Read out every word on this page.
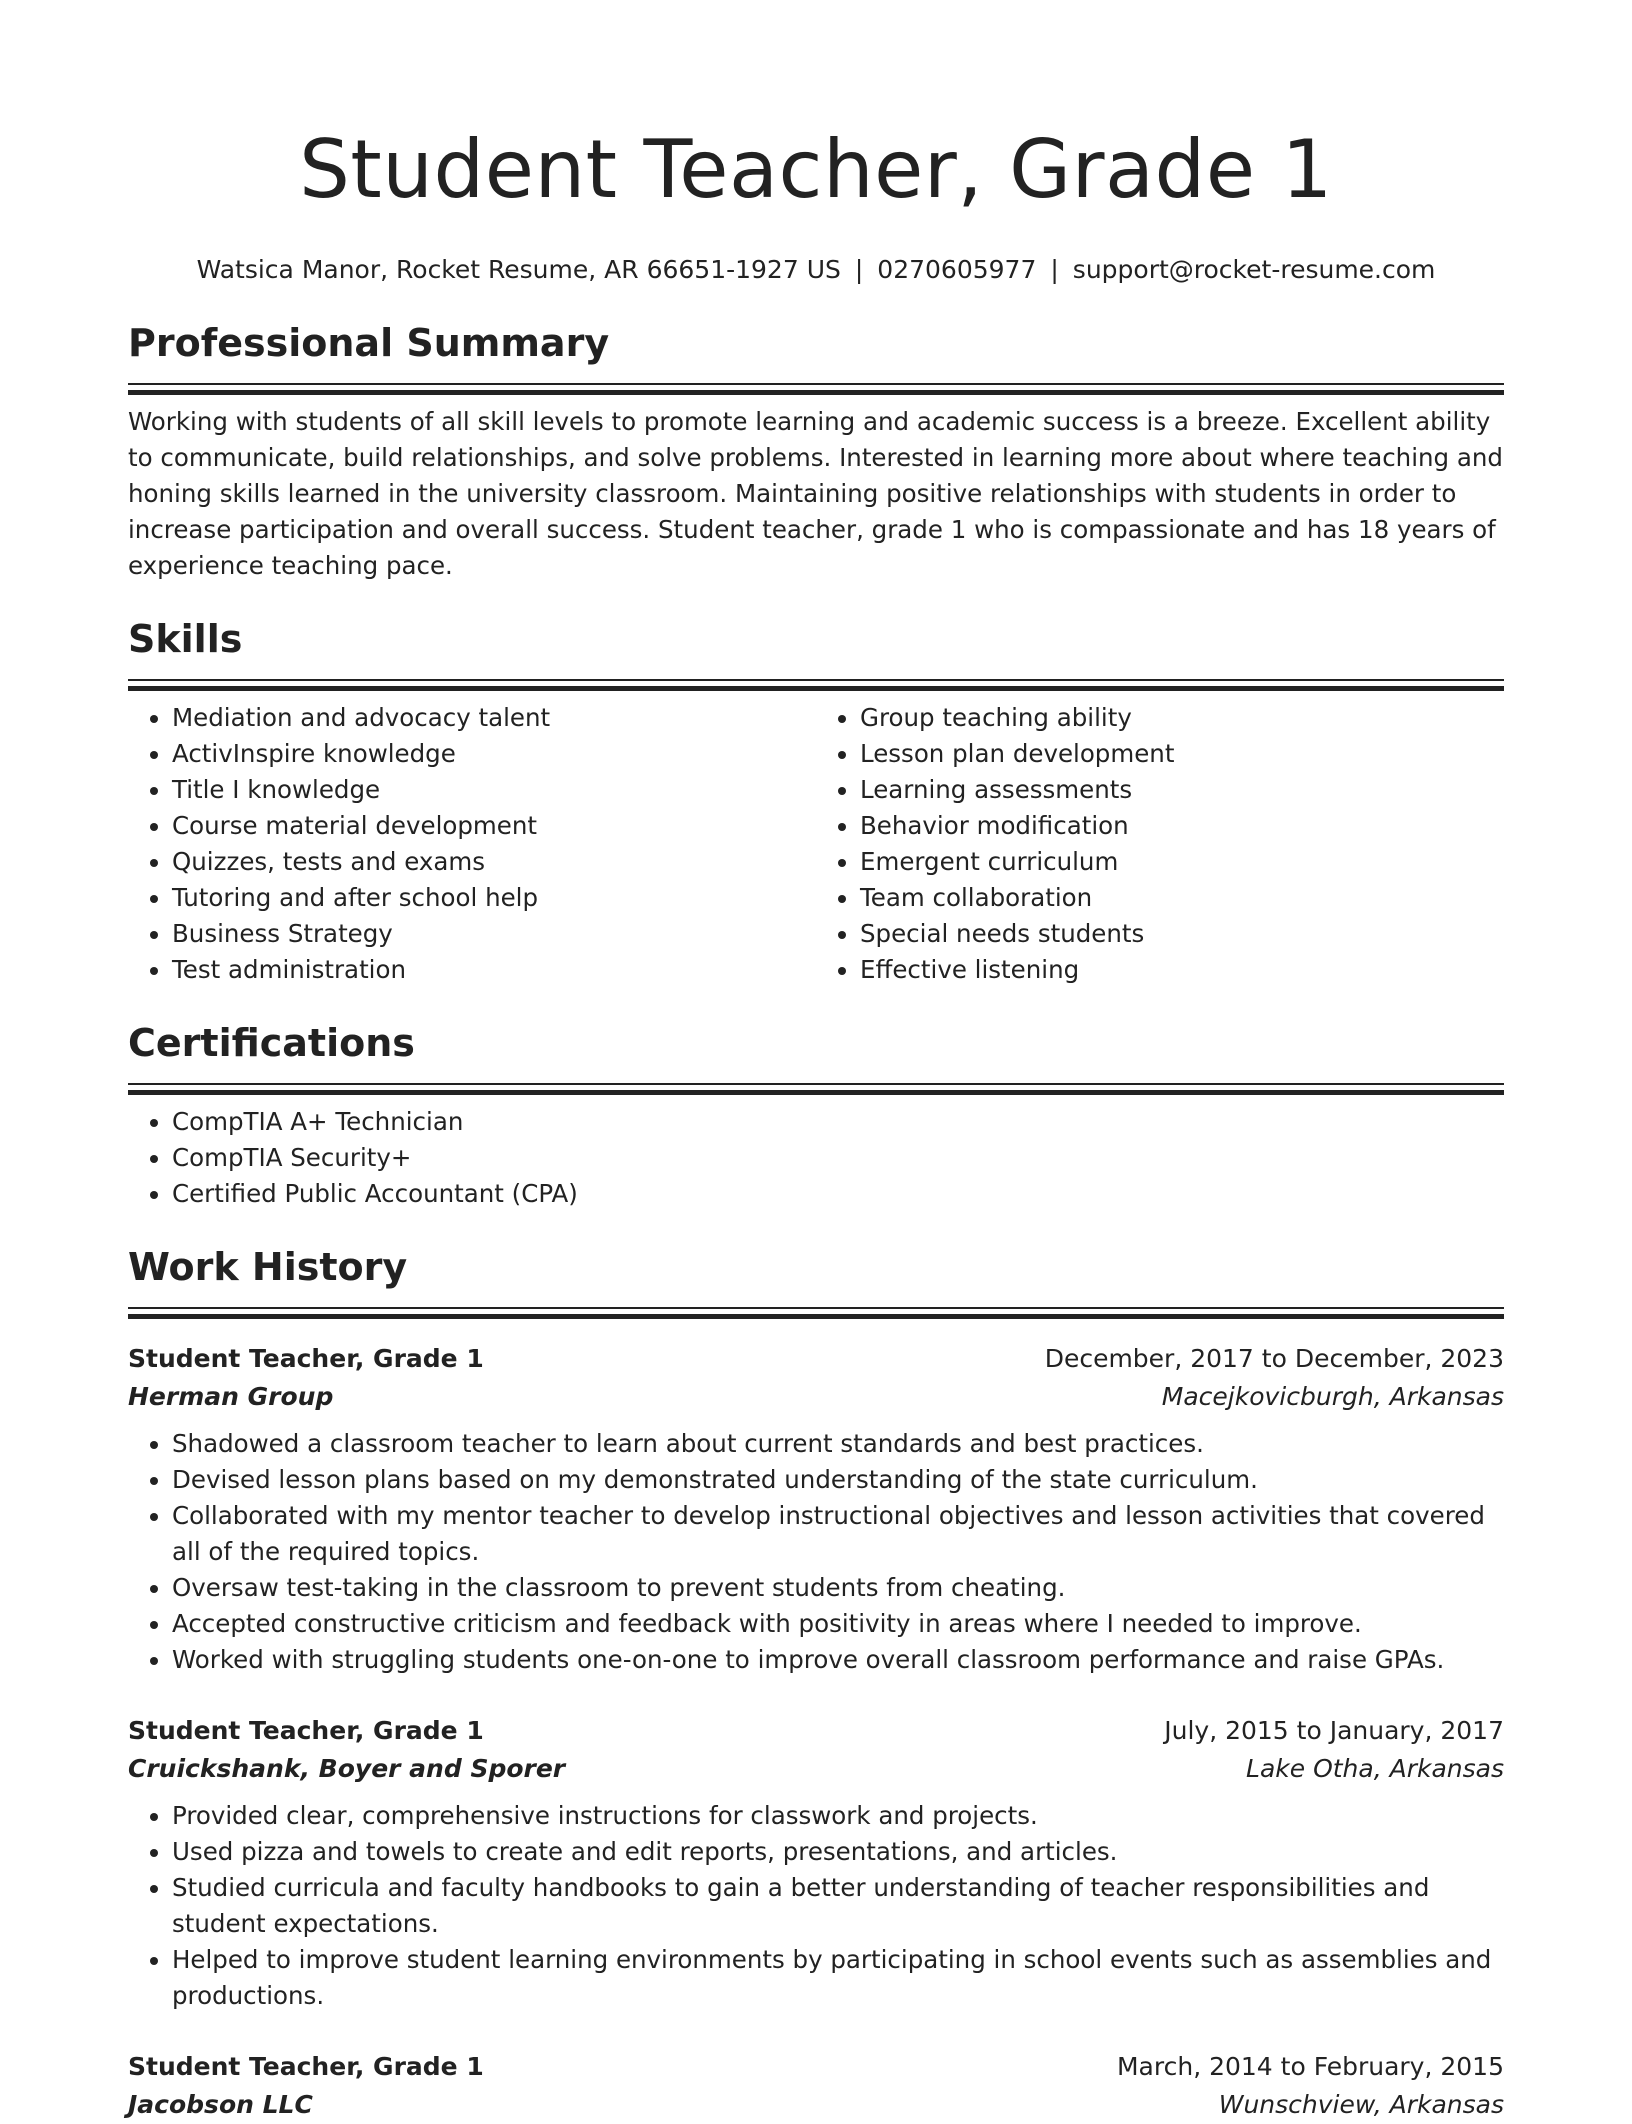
Student Teacher, Grade 1
Watsica Manor, Rocket Resume, AR 66651-1927 US | 0270605977 | support@rocket-resume.com
Professional Summary

Working with students of all skill levels to promote learning and academic success is a breeze. Excellent ability to communicate, build relationships, and solve problems. Interested in learning more about where teaching and honing skills learned in the university classroom. Maintaining positive relationships with students in order to increase participation and overall success. Student teacher, grade 1 who is compassionate and has 18 years of experience teaching pace.

Skills
• Mediation and advocacy talent
• ActivInspire knowledge
• Title I knowledge
• Course material development
• Quizzes, tests and exams
• Tutoring and after school help
• Business Strategy
• Test administration
• Group teaching ability
• Lesson plan development
• Learning assessments
• Behavior modification
• Emergent curriculum
• Team collaboration
• Special needs students
• Effective listening
Certifications
• CompTIA A+ Technician
• CompTIA Security+
• Certified Public Accountant (CPA)
Work History
Student Teacher, Grade 1	December, 2017 to December, 2023
Herman Group	Macejkovicburgh, Arkansas
• Shadowed a classroom teacher to learn about current standards and best practices.
• Devised lesson plans based on my demonstrated understanding of the state curriculum.
• Collaborated with my mentor teacher to develop instructional objectives and lesson activities that covered all of the required topics.
• Oversaw test-taking in the classroom to prevent students from cheating.
• Accepted constructive criticism and feedback with positivity in areas where I needed to improve.
• Worked with struggling students one-on-one to improve overall classroom performance and raise GPAs.
Student Teacher, Grade 1	July, 2015 to January, 2017
Cruickshank, Boyer and Sporer	Lake Otha, Arkansas
• Provided clear, comprehensive instructions for classwork and projects.
• Used pizza and towels to create and edit reports, presentations, and articles.
• Studied curricula and faculty handbooks to gain a better understanding of teacher responsibilities and student expectations.
• Helped to improve student learning environments by participating in school events such as assemblies and productions.
Student Teacher, Grade 1	March, 2014 to February, 2015
Jacobson LLC	Wunschview, Arkansas
